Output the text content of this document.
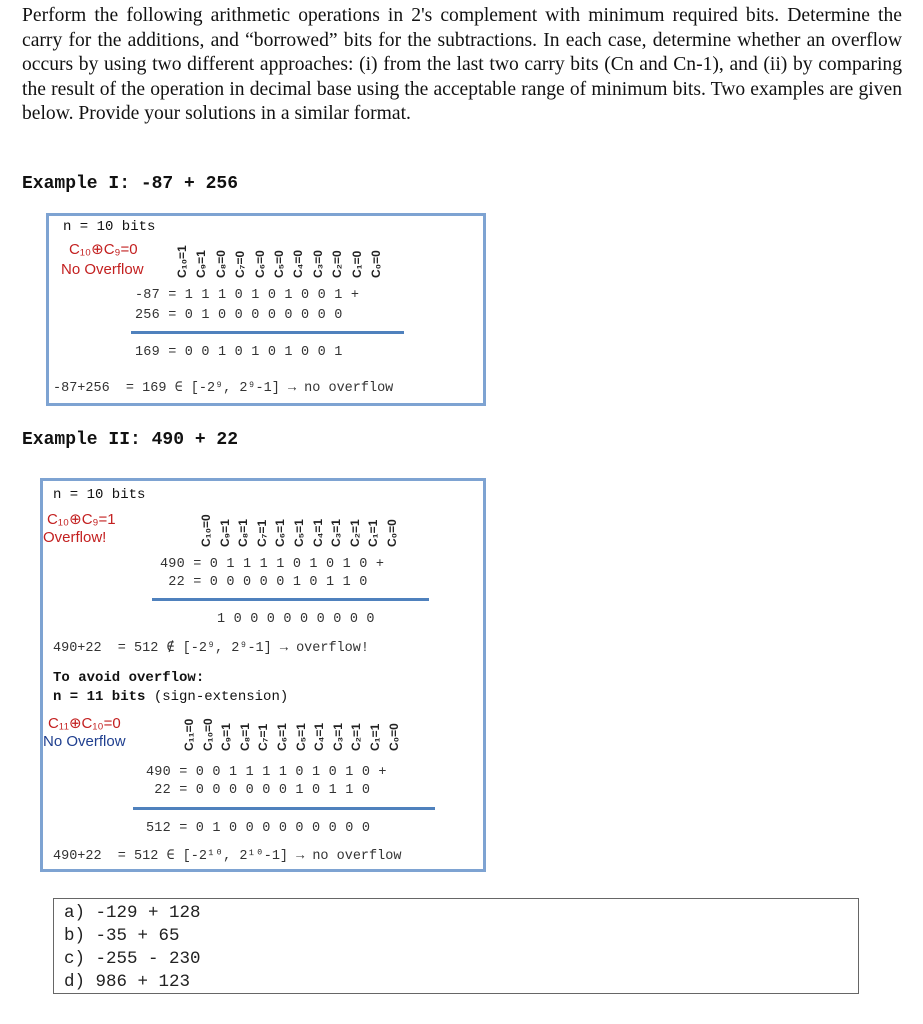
Perform the following arithmetic operations in 2's complement with minimum required bits. Determine the carry for the additions, and “borrowed” bits for the subtractions. In each case, determine whether an overflow occurs by using two different approaches: (i) from the last two carry bits (Cn and Cn-1), and (ii) by comparing the result of the operation in decimal base using the acceptable range of minimum bits. Two examples are given below. Provide your solutions in a similar format.
Example I: -87 + 256
n = 10 bits
C₁₀⊕C₉=0
No Overflow	C₁₀=1 C₉=1 C₈=0 C₇=0 C₆=0 C₅=0 C₄=0 C₃=0 C₂=0 C₁=0 C₀=0
-87 = 1 1 1 0 1 0 1 0 0 1 +
256 = 0 1 0 0 0 0 0 0 0 0
169 = 0 0 1 0 1 0 1 0 0 1
-87+256  = 169 ∈ [-2⁹, 2⁹-1] → no overflow
Example II: 490 + 22
n = 10 bits
C₁₀⊕C₉=1
Overflow!	C₁₀=0 C₉=1 C₈=1 C₇=1 C₆=1 C₅=1 C₄=1 C₃=1 C₂=1 C₁=1 C₀=0
490 = 0 1 1 1 1 0 1 0 1 0 +
22 = 0 0 0 0 0 1 0 1 1 0
1 0 0 0 0 0 0 0 0 0
490+22  = 512 ∉ [-2⁹, 2⁹-1] → overflow!
To avoid overflow:
n = 11 bits (sign-extension)
C₁₁⊕C₁₀=0
No Overflow	C₁₁=0 C₁₀=0 C₉=1 C₈=1 C₇=1 C₆=1 C₅=1 C₄=1 C₃=1 C₂=1 C₁=1 C₀=0
490 = 0 0 1 1 1 1 0 1 0 1 0 +
22 = 0 0 0 0 0 0 1 0 1 1 0
512 = 0 1 0 0 0 0 0 0 0 0 0
490+22  = 512 ∈ [-2¹⁰, 2¹⁰-1] → no overflow
a) -129 + 128
b) -35 + 65
c) -255 - 230
d) 986 + 123
